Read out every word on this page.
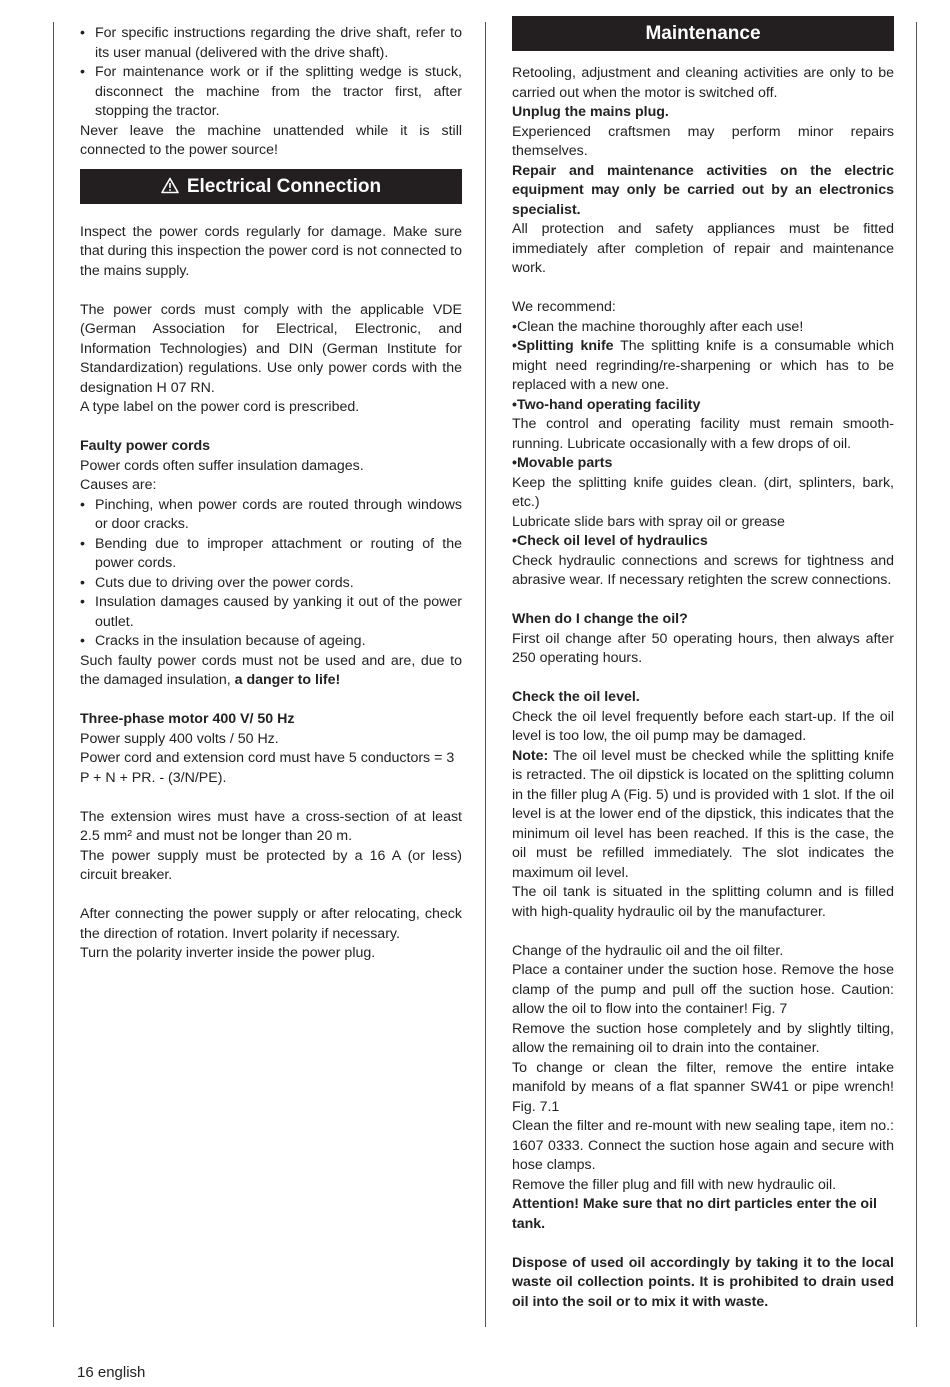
• For specific instructions regarding the drive shaft, refer to its user manual (delivered with the drive shaft).
• For maintenance work or if the splitting wedge is stuck, disconnect the machine from the tractor first, after stopping the tractor.

Never leave the machine unattended while it is still connected to the power source!

Electrical Connection

Inspect the power cords regularly for damage. Make sure that during this inspection the power cord is not connected to the mains supply.

The power cords must comply with the applicable VDE (German Association for Electrical, Electronic, and Information Technologies) and DIN (German Institute for Standardization) regulations. Use only power cords with the designation H 07 RN.

A type label on the power cord is prescribed.

Faulty power cords

Power cords often suffer insulation damages.

Causes are:

• Pinching, when power cords are routed through windows or door cracks.
• Bending due to improper attachment or routing of the power cords.
• Cuts due to driving over the power cords.
• Insulation damages caused by yanking it out of the power outlet.
• Cracks in the insulation because of ageing.

Such faulty power cords must not be used and are, due to the damaged insulation, a danger to life!

Three-phase motor 400 V/ 50 Hz

Power supply 400 volts / 50 Hz.

Power cord and extension cord must have 5 conductors = 3 P + N + PR. - (3/N/PE).

The extension wires must have a cross-section of at least 2.5 mm² and must not be longer than 20 m.

The power supply must be protected by a 16 A (or less) circuit breaker.

After connecting the power supply or after relocating, check the direction of rotation. Invert polarity if necessary.

Turn the polarity inverter inside the power plug.

Maintenance

Retooling, adjustment and cleaning activities are only to be carried out when the motor is switched off.

Unplug the mains plug.

Experienced craftsmen may perform minor repairs themselves.

Repair and maintenance activities on the electric equipment may only be carried out by an electronics specialist.

All protection and safety appliances must be fitted immediately after completion of repair and maintenance work.

We recommend:

•Clean the machine thoroughly after each use!

•Splitting knife The splitting knife is a consumable which might need regrinding/re-sharpening or which has to be replaced with a new one.

•Two-hand operating facility

The control and operating facility must remain smooth-running. Lubricate occasionally with a few drops of oil.

•Movable parts

Keep the splitting knife guides clean. (dirt, splinters, bark, etc.)

Lubricate slide bars with spray oil or grease

•Check oil level of hydraulics

Check hydraulic connections and screws for tightness and abrasive wear. If necessary retighten the screw connections.

When do I change the oil?

First oil change after 50 operating hours, then always after 250 operating hours.

Check the oil level.

Check the oil level frequently before each start-up. If the oil level is too low, the oil pump may be damaged.

Note: The oil level must be checked while the splitting knife is retracted. The oil dipstick is located on the splitting column in the filler plug A (Fig. 5) und is provided with 1 slot. If the oil level is at the lower end of the dipstick, this indicates that the minimum oil level has been reached. If this is the case, the oil must be refilled immediately. The slot indicates the maximum oil level.

The oil tank is situated in the splitting column and is filled with high-quality hydraulic oil by the manufacturer.

Change of the hydraulic oil and the oil filter.

Place a container under the suction hose. Remove the hose clamp of the pump and pull off the suction hose. Caution: allow the oil to flow into the container! Fig. 7

Remove the suction hose completely and by slightly tilting, allow the remaining oil to drain into the container.

To change or clean the filter, remove the entire intake manifold by means of a flat spanner SW41 or pipe wrench! Fig. 7.1

Clean the filter and re-mount with new sealing tape, item no.: 1607 0333. Connect the suction hose again and secure with hose clamps.

Remove the filler plug and fill with new hydraulic oil.

Attention! Make sure that no dirt particles enter the oil tank.

Dispose of used oil accordingly by taking it to the local waste oil collection points. It is prohibited to drain used oil into the soil or to mix it with waste.

16 english
